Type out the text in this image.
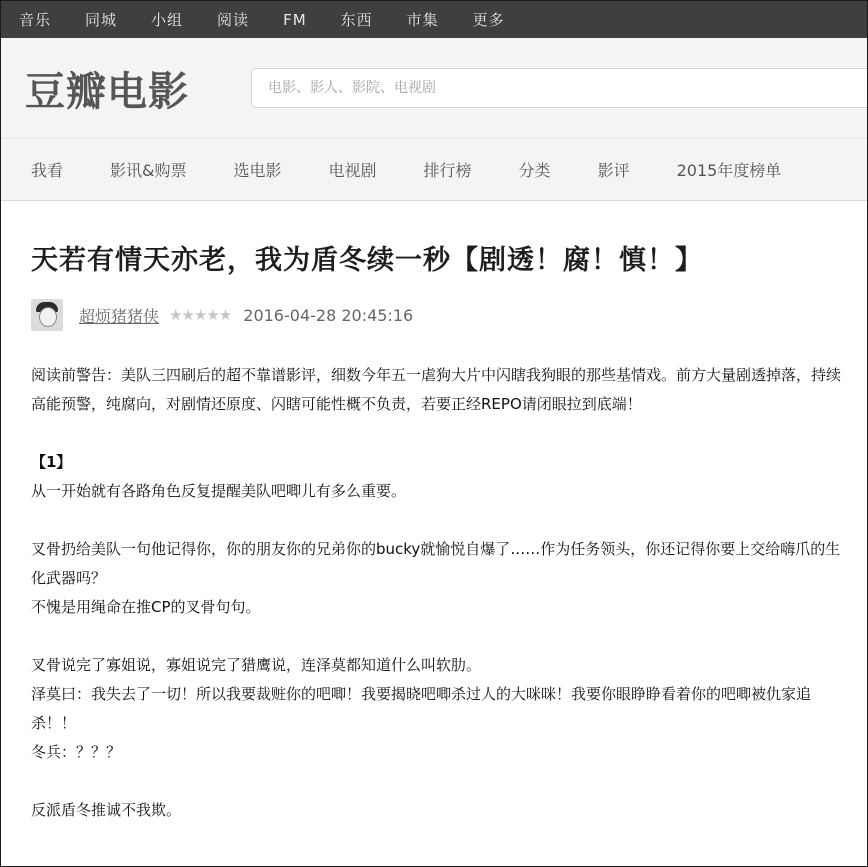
音乐 同城 小组 阅读 FM 东西 市集 更多
豆瓣电影
电影、影人、影院、电视剧
我看	影讯&购票	选电影	电视剧	排行榜	分类	影评	2015年度榜单
天若有情天亦老，我为盾冬续一秒【剧透！腐！慎！】
超烦猪猪侠 ★★★★★ 2016-04-28 20:45:16

阅读前警告：美队三四刷后的超不靠谱影评，细数今年五一虐狗大片中闪瞎我狗眼的那些基情戏。前方大量剧透掉落，持续高能预警，纯腐向，对剧情还原度、闪瞎可能性概不负责，若要正经REPO请闭眼拉到底端！

【1】

从一开始就有各路角色反复提醒美队吧唧儿有多么重要。

叉骨扔给美队一句他记得你，你的朋友你的兄弟你的bucky就愉悦自爆了……作为任务领头，你还记得你要上交给嗨爪的生化武器吗？

不愧是用绳命在推CP的叉骨句句。

叉骨说完了寡姐说，寡姐说完了猎鹰说，连泽莫都知道什么叫软肋。

泽莫曰：我失去了一切！所以我要裁赃你的吧唧！我要揭晓吧唧杀过人的大咪咪！我要你眼睁睁看着你的吧唧被仇家追杀！！

冬兵：？？？

反派盾冬推诚不我欺。
